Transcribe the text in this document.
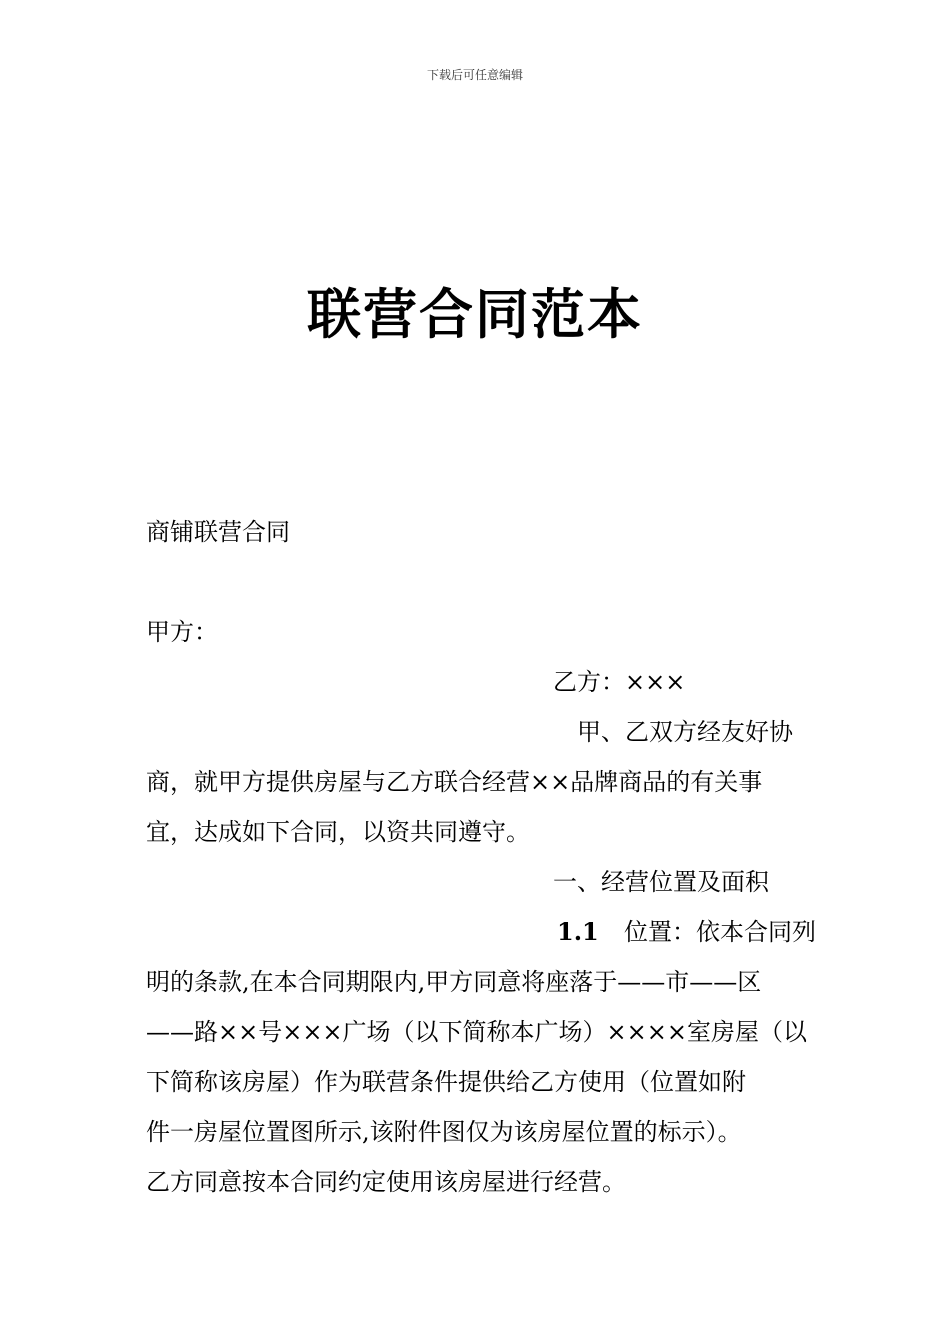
下载后可任意编辑
联营合同范本
商铺联营合同
甲方：
乙方：×××
甲、乙双方经友好协
商，就甲方提供房屋与乙方联合经营××品牌商品的有关事
宜，达成如下合同，以资共同遵守。
一、经营位置及面积
1.1 位置：依本合同列
明的条款,在本合同期限内,甲方同意将座落于——市——区
——路××号×××广场（以下简称本广场）××××室房屋（以
下简称该房屋）作为联营条件提供给乙方使用（位置如附
件一房屋位置图所示,该附件图仅为该房屋位置的标示）。
乙方同意按本合同约定使用该房屋进行经营。
